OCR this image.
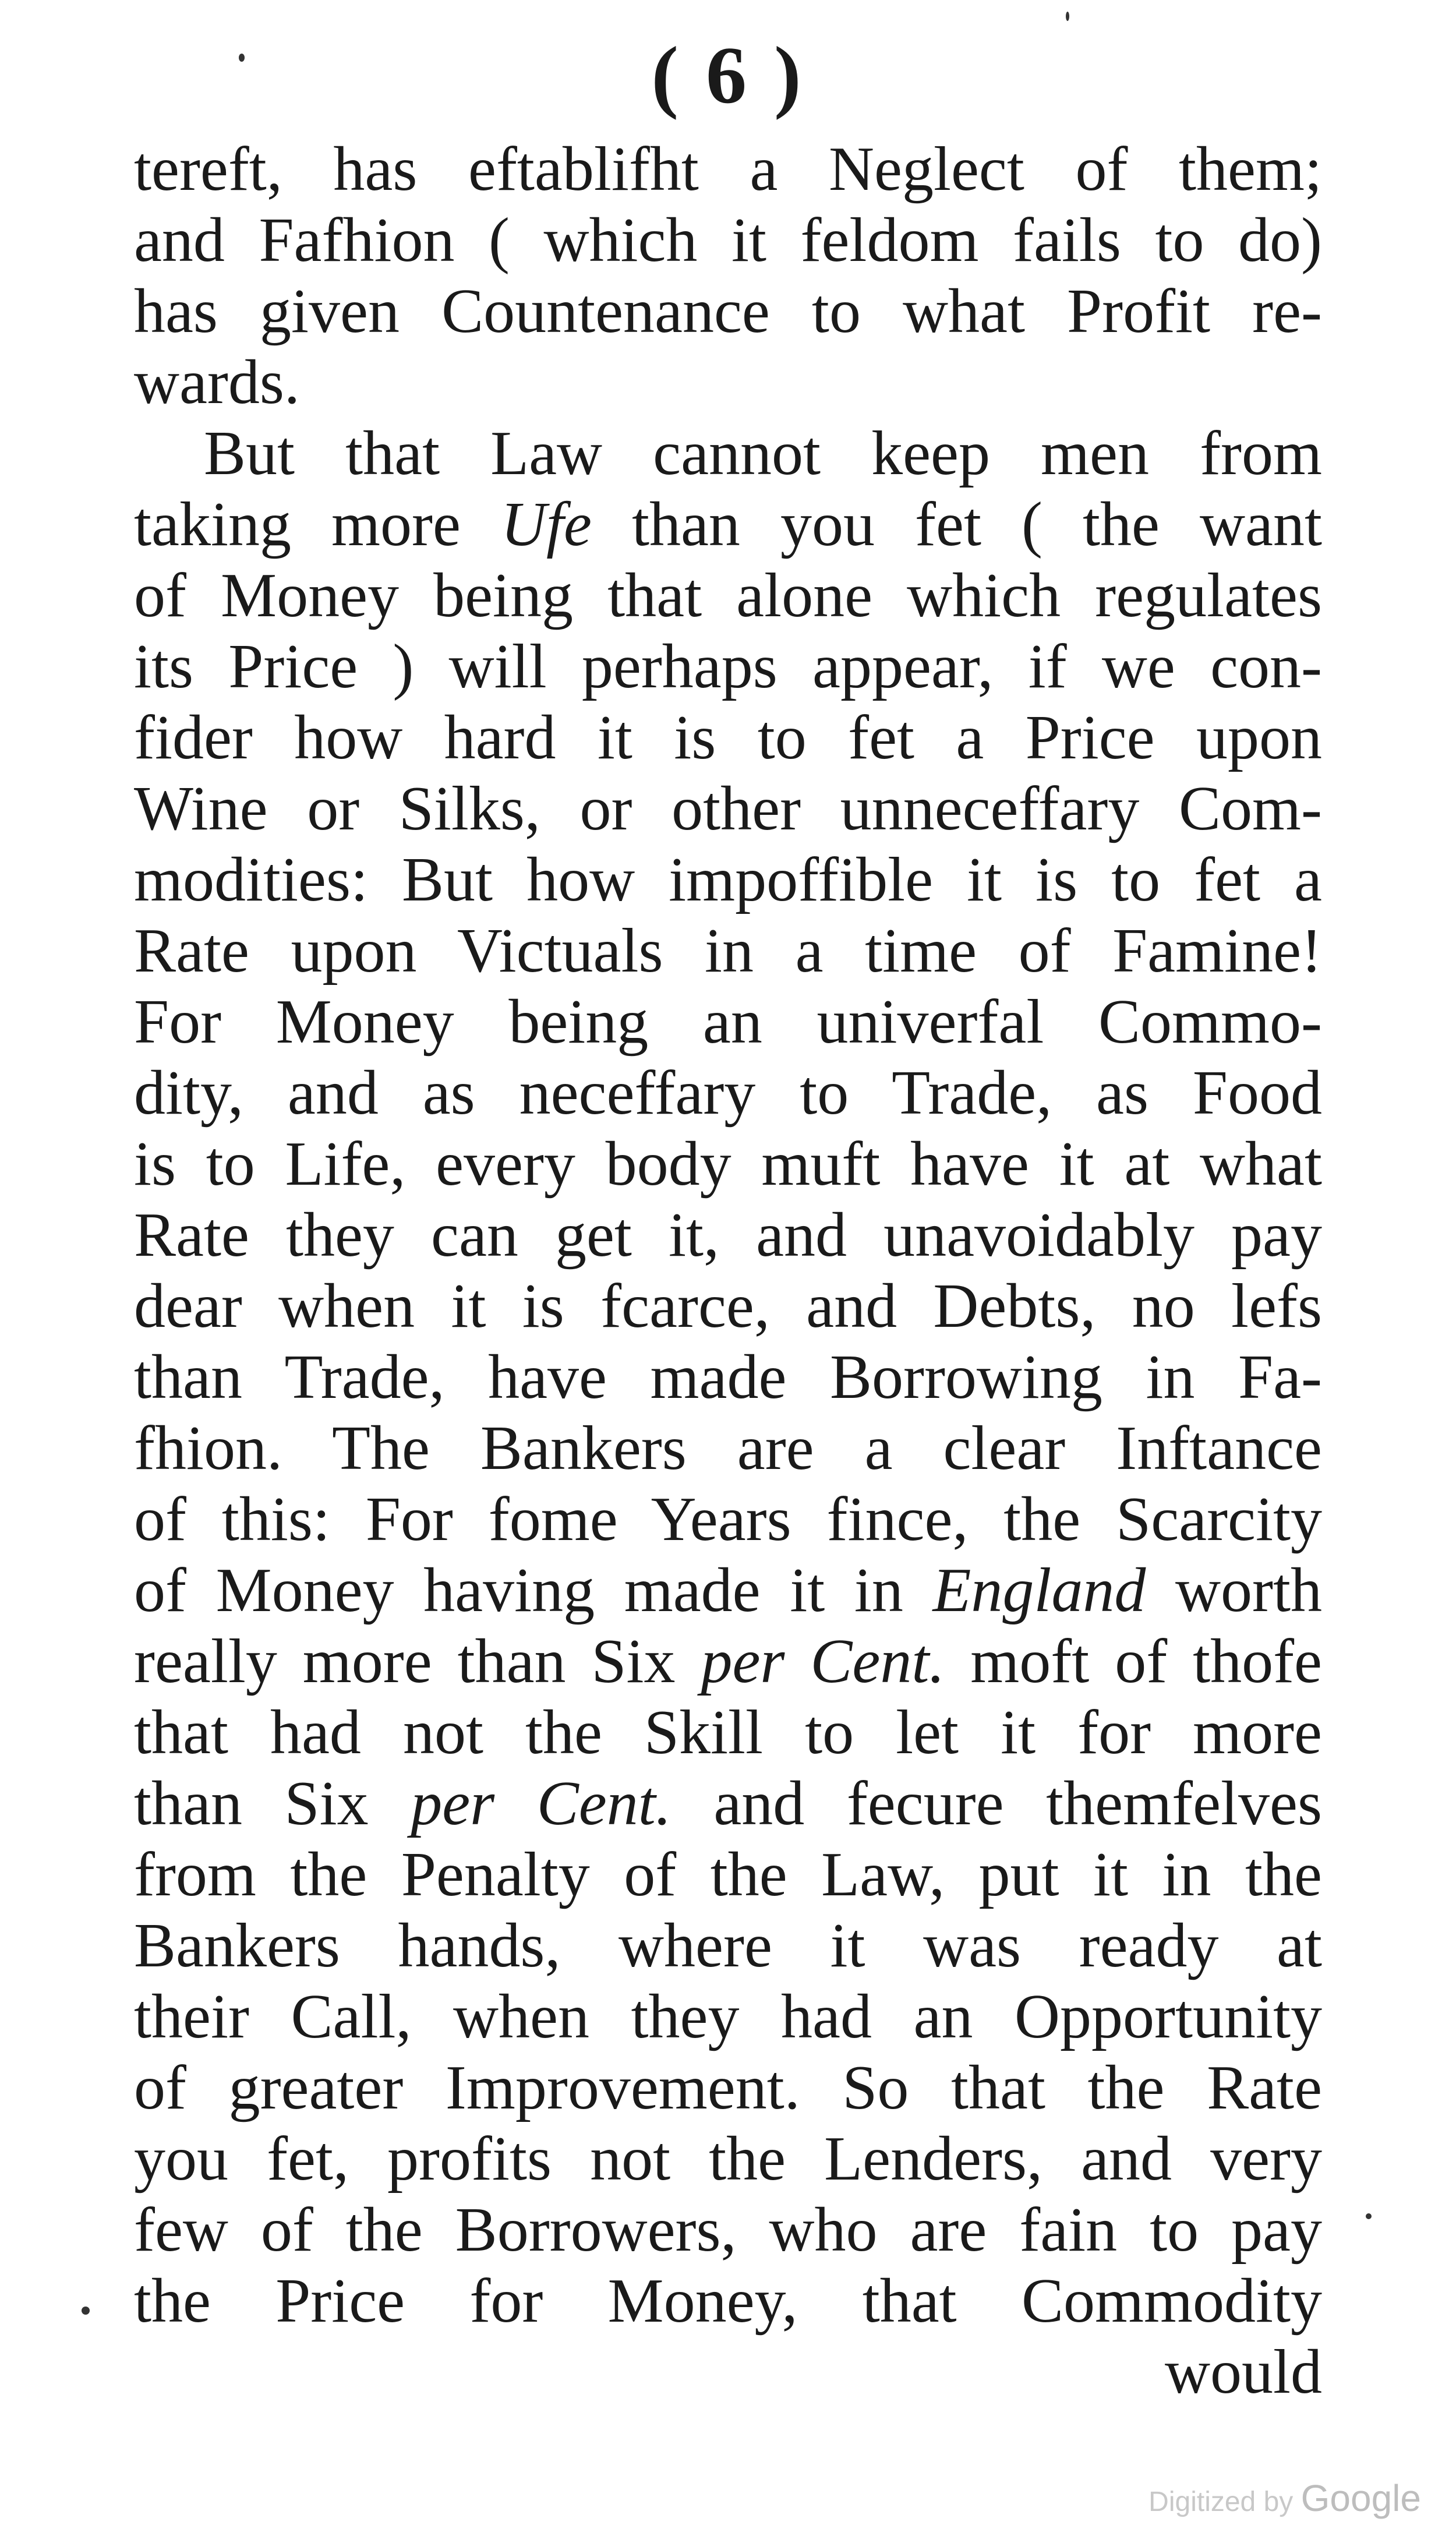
( 6 )
tereft, has eftablifht a Neglect of them;
and Fafhion ( which it feldom fails to do)
has given Countenance to what Profit re-
wards.
But that Law cannot keep men from
taking more Ufe than you fet ( the want
of Money being that alone which regulates
its Price ) will perhaps appear, if we con-
fider how hard it is to fet a Price upon
Wine or Silks, or other unneceffary Com-
modities: But how impoffible it is to fet a
Rate upon Victuals in a time of Famine!
For Money being an univerfal Commo-
dity, and as neceffary to Trade, as Food
is to Life, every body muft have it at what
Rate they can get it, and unavoidably pay
dear when it is fcarce, and Debts, no lefs
than Trade, have made Borrowing in Fa-
fhion. The Bankers are a clear Inftance
of this: For fome Years fince, the Scarcity
of Money having made it in England worth
really more than Six per Cent. moft of thofe
that had not the Skill to let it for more
than Six per Cent. and fecure themfelves
from the Penalty of the Law, put it in the
Bankers hands, where it was ready at
their Call, when they had an Opportunity
of greater Improvement. So that the Rate
you fet, profits not the Lenders, and very
few of the Borrowers, who are fain to pay
the Price for Money, that Commodity
would
Digitized by Google
